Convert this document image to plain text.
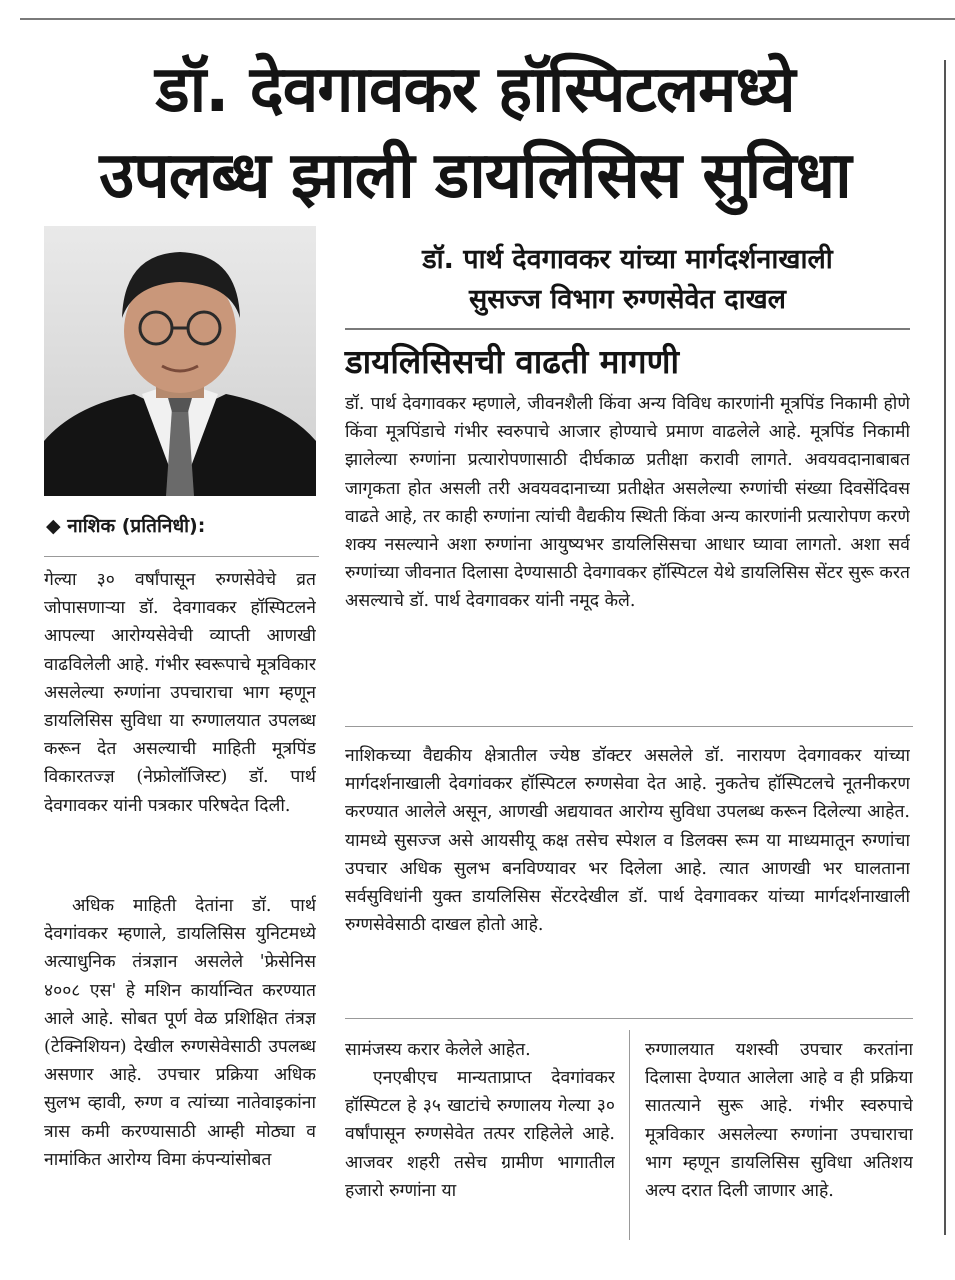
डॉ. देवगावकर हॉस्पिटलमध्ये
उपलब्ध झाली डायलिसिस सुविधा
डॉ. पार्थ देवगावकर यांच्या मार्गदर्शनाखाली
सुसज्ज विभाग रुग्णसेवेत दाखल
◆ नाशिक (प्रतिनिधी):

गेल्या ३० वर्षांपासून रुग्णसेवेचे व्रत जोपासणाऱ्या डॉ. देवगावकर हॉस्पिटलने आपल्या आरोग्यसेवेची व्याप्ती आणखी वाढविलेली आहे. गंभीर स्वरूपाचे मूत्रविकार असलेल्या रुग्णांना उपचाराचा भाग म्हणून डायलिसिस सुविधा या रुग्णालयात उपलब्ध करून देत असल्याची माहिती मूत्रपिंड विकारतज्ज्ञ (नेफ्रोलॉजिस्ट) डॉ. पार्थ देवगावकर यांनी पत्रकार परिषदेत दिली.

अधिक माहिती देतांना डॉ. पार्थ देवगांवकर म्हणाले, डायलिसिस युनिटमध्ये अत्याधुनिक तंत्रज्ञान असलेले 'फ्रेसेनिस ४००८ एस' हे मशिन कार्यान्वित करण्यात आले आहे. सोबत पूर्ण वेळ प्रशिक्षित तंत्रज्ञ (टेक्निशियन) देखील रुग्णसेवेसाठी उपलब्ध असणार आहे. उपचार प्रक्रिया अधिक सुलभ व्हावी, रुग्ण व त्यांच्या नातेवाइकांना त्रास कमी करण्यासाठी आम्ही मोठ्या व नामांकित आरोग्य विमा कंपन्यांसोबत

डायलिसिसची वाढती मागणी

डॉ. पार्थ देवगावकर म्हणाले, जीवनशैली किंवा अन्य विविध कारणांनी मूत्रपिंड निकामी होणे किंवा मूत्रपिंडाचे गंभीर स्वरुपाचे आजार होण्याचे प्रमाण वाढलेले आहे. मूत्रपिंड निकामी झालेल्या रुग्णांना प्रत्यारोपणासाठी दीर्घकाळ प्रतीक्षा करावी लागते. अवयवदानाबाबत जागृकता होत असली तरी अवयवदानाच्या प्रतीक्षेत असलेल्या रुग्णांची संख्या दिवसेंदिवस वाढते आहे, तर काही रुग्णांना त्यांची वैद्यकीय स्थिती किंवा अन्य कारणांनी प्रत्यारोपण करणे शक्य नसल्याने अशा रुग्णांना आयुष्यभर डायलिसिसचा आधार घ्यावा लागतो. अशा सर्व रुग्णांच्या जीवनात दिलासा देण्यासाठी देवगावकर हॉस्पिटल येथे डायलिसिस सेंटर सुरू करत असल्याचे डॉ. पार्थ देवगावकर यांनी नमूद केले.

नाशिकच्या वैद्यकीय क्षेत्रातील ज्येष्ठ डॉक्टर असलेले डॉ. नारायण देवगावकर यांच्या मार्गदर्शनाखाली देवगांवकर हॉस्पिटल रुग्णसेवा देत आहे. नुकतेच हॉस्पिटलचे नूतनीकरण करण्यात आलेले असून, आणखी अद्ययावत आरोग्य सुविधा उपलब्ध करून दिलेल्या आहेत. यामध्ये सुसज्ज असे आयसीयू कक्ष तसेच स्पेशल व डिलक्स रूम या माध्यमातून रुग्णांचा उपचार अधिक सुलभ बनविण्यावर भर दिलेला आहे. त्यात आणखी भर घालताना सर्वसुविधांनी युक्त डायलिसिस सेंटरदेखील डॉ. पार्थ देवगावकर यांच्या मार्गदर्शनाखाली रुग्णसेवेसाठी दाखल होतो आहे.

सामंजस्य करार केलेले आहेत.

एनएबीएच मान्यताप्राप्त देवगांवकर हॉस्पिटल हे ३५ खाटांचे रुग्णालय गेल्या ३० वर्षांपासून रुग्णसेवेत तत्पर राहिलेले आहे. आजवर शहरी तसेच ग्रामीण भागातील हजारो रुग्णांना या

रुग्णालयात यशस्वी उपचार करतांना दिलासा देण्यात आलेला आहे व ही प्रक्रिया सातत्याने सुरू आहे. गंभीर स्वरुपाचे मूत्रविकार असलेल्या रुग्णांना उपचाराचा भाग म्हणून डायलिसिस सुविधा अतिशय अल्प दरात दिली जाणार आहे.
